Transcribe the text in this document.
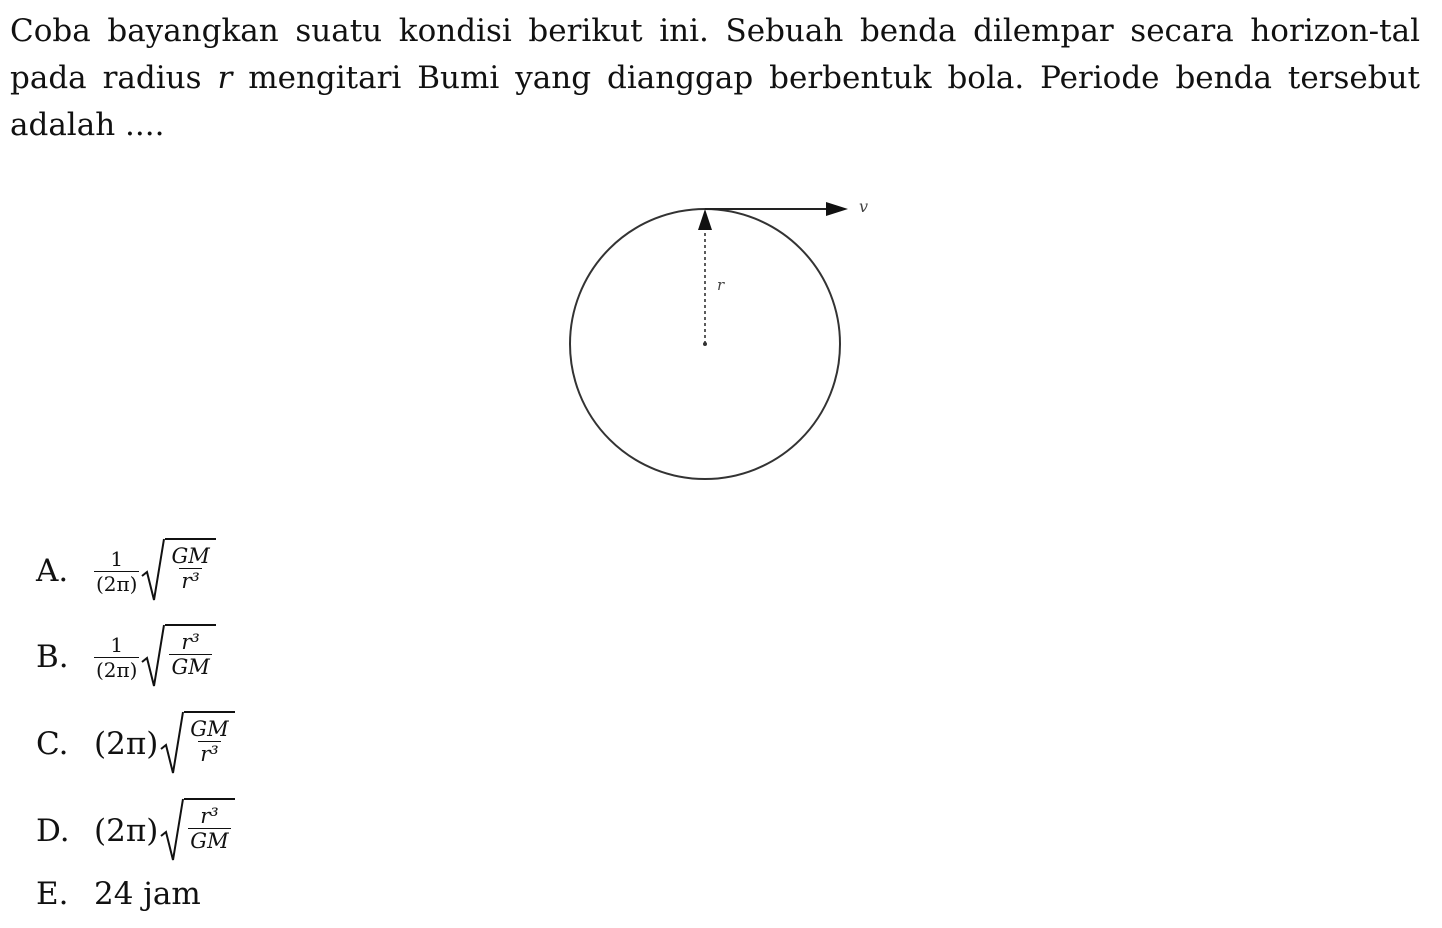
Coba bayangkan suatu kondisi berikut ini. Sebuah benda dilempar secara horizon-tal pada radius r mengitari Bumi yang dianggap berbentuk bola. Periode benda tersebut adalah ....

v
r
A.	$\frac{1}{(2\pi)} \frac{GM}{\text{r³}}$
B.	$\frac{1}{(2\pi)} \frac{\text{r³}}{GM}$
C. $(2\pi) \frac{GM}{\text{r³}}$
D. $(2\pi) \frac{\text{r³}}{GM}$
E. 24 jam
